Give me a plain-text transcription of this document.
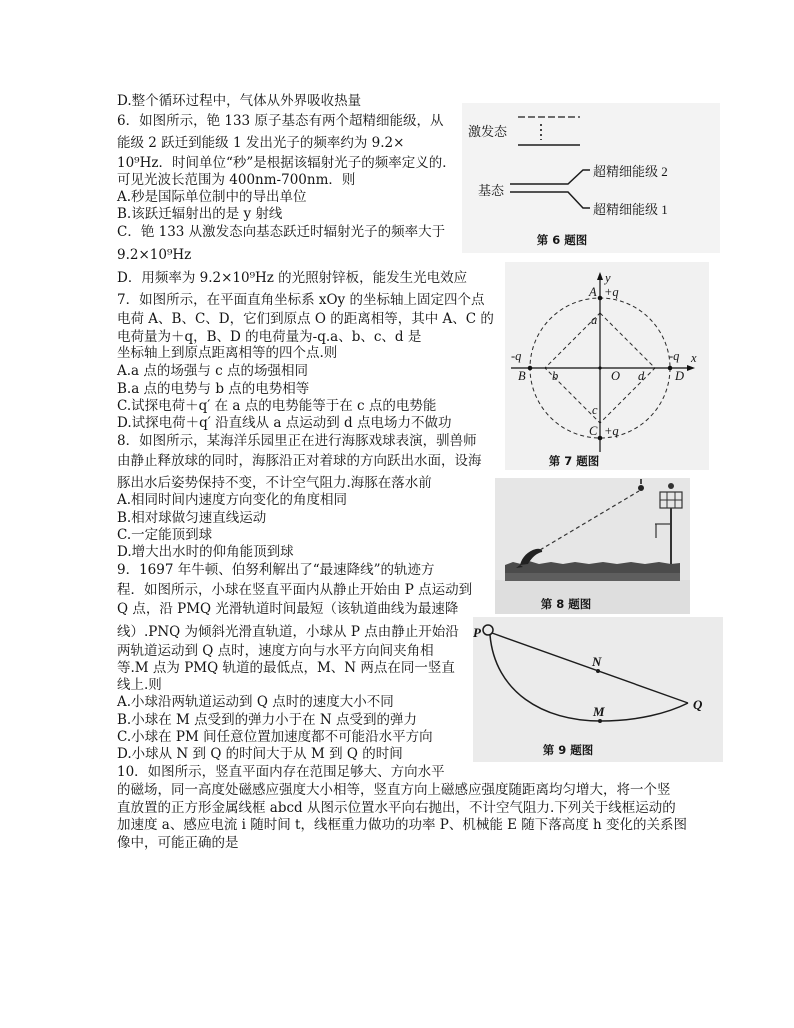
D.整个循环过程中，气体从外界吸收热量
6．如图所示，铯 133 原子基态有两个超精细能级，从
能级 2 跃迁到能级 1 发出光子的频率约为 9.2×
10⁹Hz．时间单位“秒”是根据该辐射光子的频率定义的．
可见光波长范围为 400nm-700nm．则
A.秒是国际单位制中的导出单位
B.该跃迁辐射出的是 y 射线
C．铯 133 从激发态向基态跃迁时辐射光子的频率大于
9.2×10⁹Hz
D．用频率为 9.2×10⁹Hz 的光照射锌板，能发生光电效应
7．如图所示，在平面直角坐标系 xOy 的坐标轴上固定四个点
电荷 A、B、C、D，它们到原点 O 的距离相等，其中 A、C 的
电荷量为＋q，B、D 的电荷量为-q.a、b、c、d 是
坐标轴上到原点距离相等的四个点.则
A.a 点的场强与 c 点的场强相同
B.a 点的电势与 b 点的电势相等
C.试探电荷＋q′ 在 a 点的电势能等于在 c 点的电势能
D.试探电荷＋q′ 沿直线从 a 点运动到 d 点电场力不做功
8．如图所示，某海洋乐园里正在进行海豚戏球表演，驯兽师
由静止释放球的同时，海豚沿正对着球的方向跃出水面，设海
豚出水后姿势保持不变，不计空气阻力.海豚在落水前
A.相同时间内速度方向变化的角度相同
B.相对球做匀速直线运动
C.一定能顶到球
D.增大出水时的仰角能顶到球
9．1697 年牛顿、伯努利解出了“最速降线”的轨迹方
程．如图所示，小球在竖直平面内从静止开始由 P 点运动到
Q 点，沿 PMQ 光滑轨道时间最短（该轨道曲线为最速降
线）.PNQ 为倾斜光滑直轨道，小球从 P 点由静止开始沿
两轨道运动到 Q 点时，速度方向与水平方向间夹角相
等.M 点为 PMQ 轨道的最低点，M、N 两点在同一竖直
线上.则
A.小球沿两轨道运动到 Q 点时的速度大小不同
B.小球在 M 点受到的弹力小于在 N 点受到的弹力
C.小球在 PM 间任意位置加速度都不可能沿水平方向
D.小球从 N 到 Q 的时间大于从 M 到 Q 的时间
10．如图所示，竖直平面内存在范围足够大、方向水平
的磁场，同一高度处磁感应强度大小相等，竖直方向上磁感应强度随距离均匀增大，将一个竖
直放置的正方形金属线框 abcd 从图示位置水平向右抛出，不计空气阻力.下列关于线框运动的
加速度 a、感应电流 i 随时间 t，线框重力做功的功率 P、机械能 E 随下落高度 h 变化的关系图
像中，可能正确的是
激发态
基态
超精细能级 2
超精细能级 1
第 6 题图
y
x
A +q
C +q
-q
B
-q
D
O
a
b
c
d
第 7 题图
第 8 题图
P
N
M	Q
第 9 题图
